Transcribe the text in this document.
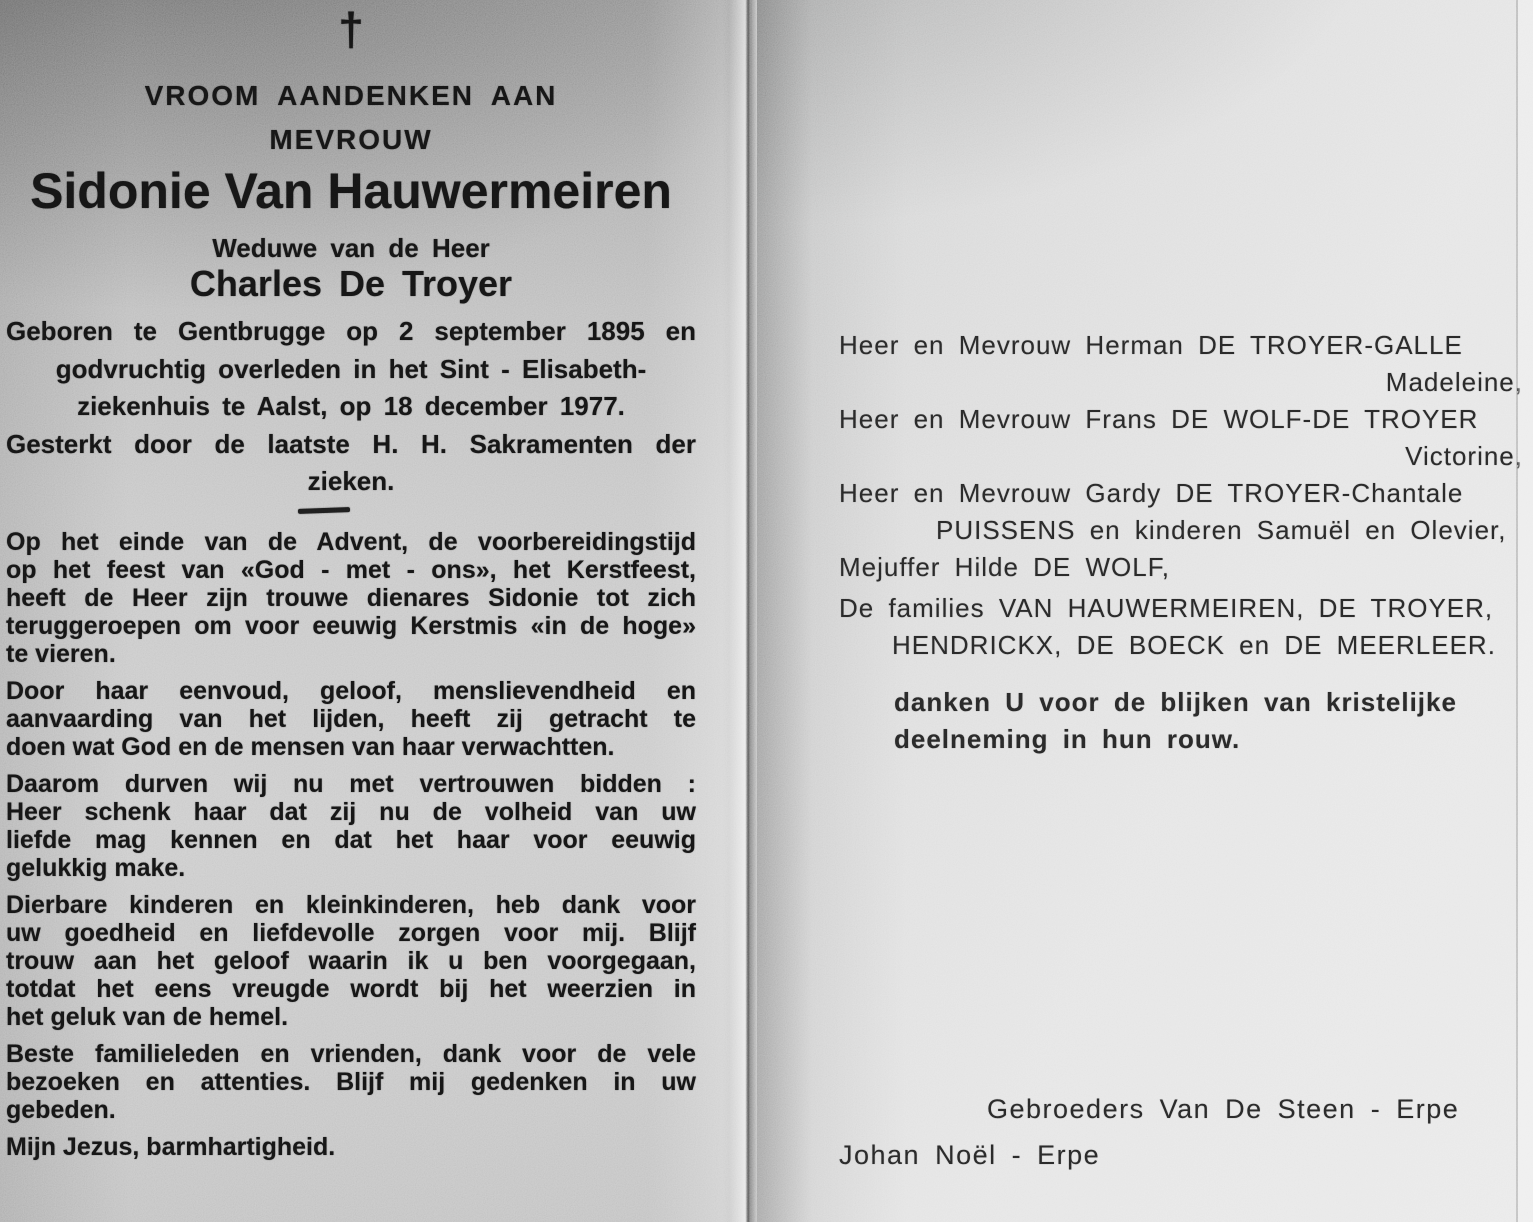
†
VROOM AANDENKEN AAN
MEVROUW
Sidonie Van Hauwermeiren
Weduwe van de Heer
Charles De Troyer
Geboren te Gentbrugge op 2 september 1895 en
godvruchtig overleden in het Sint - Elisabeth-
ziekenhuis te Aalst, op 18 december 1977.
Gesterkt door de laatste H. H. Sakramenten der
zieken.

Op het einde van de Advent, de voorbereidingstijd
op het feest van «God - met - ons», het Kerstfeest,
heeft de Heer zijn trouwe dienares Sidonie tot zich
teruggeroepen om voor eeuwig Kerstmis «in de hoge»
te vieren.

Door haar eenvoud, geloof, menslievendheid en
aanvaarding van het lijden, heeft zij getracht te
doen wat God en de mensen van haar verwachtten.

Daarom durven wij nu met vertrouwen bidden :
Heer schenk haar dat zij nu de volheid van uw
liefde mag kennen en dat het haar voor eeuwig
gelukkig make.

Dierbare kinderen en kleinkinderen, heb dank voor
uw goedheid en liefdevolle zorgen voor mij. Blijf
trouw aan het geloof waarin ik u ben voorgegaan,
totdat het eens vreugde wordt bij het weerzien in
het geluk van de hemel.

Beste familieleden en vrienden, dank voor de vele
bezoeken en attenties. Blijf mij gedenken in uw
gebeden.

Mijn Jezus, barmhartigheid.

Heer en Mevrouw Herman DE TROYER-GALLE
Madeleine,
Heer en Mevrouw Frans DE WOLF-DE TROYER
Victorine,
Heer en Mevrouw Gardy DE TROYER-Chantale
PUISSENS en kinderen Samuël en Olevier,
Mejuffer Hilde DE WOLF,
De families VAN HAUWERMEIREN, DE TROYER,
HENDRICKX, DE BOECK en DE MEERLEER.
danken U voor de blijken van kristelijke
deelneming in hun rouw.
Gebroeders Van De Steen - Erpe
Johan Noël - Erpe
